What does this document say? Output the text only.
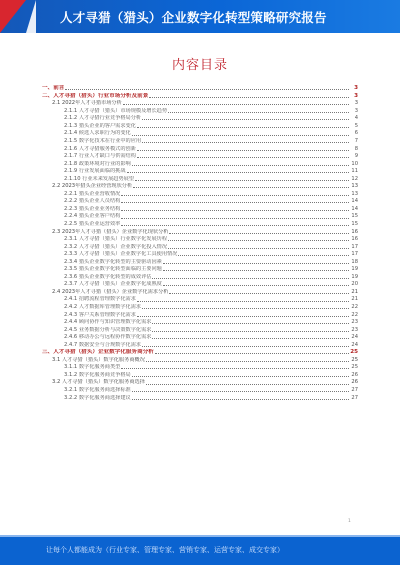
人才寻猎（猎头）企业数字化转型策略研究报告
内容目录
一、前言	3
二、人才寻猎（猎头）行业市场分析及前景	3
2.1 2022年人才寻猎市场分析	3
2.1.1 人才寻猎（猎头）市场规模及增长趋势	3
2.1.2 人才寻猎行业竞争格局分析	4
2.1.3 猎头企业的客户需求变化	5
2.1.4 候选人求职行为的变化	6
2.1.5 数字化技术在行业中的应用	7
2.1.6 人才寻猎服务模式的创新	8
2.1.7 行业人才缺口与供需结构	9
2.1.8 政策环境对行业的影响	10
2.1.9 行业发展面临的挑战	11
2.1.10 行业未来发展趋势展望	12
2.2 2023年猎头企业经营现状分析	13
2.2.1 猎头企业营收情况	13
2.2.2 猎头企业人员结构	14
2.2.3 猎头企业业务结构	14
2.2.4 猎头企业客户结构	15
2.2.5 猎头企业运营效率	15
2.3 2023年人才寻猎（猎头）企业数字化现状分析	16
2.3.1 人才寻猎（猎头）行业数字化发展历程	16
2.3.2 人才寻猎（猎头）企业数字化投入情况	17
2.3.3 人才寻猎（猎头）企业数字化工具使用情况	17
2.3.4 猎头企业数字化转型的主要驱动因素	18
2.3.5 猎头企业数字化转型面临的主要问题	19
2.3.6 猎头企业数字化转型的成效评估	19
2.3.7 人才寻猎（猎头）企业数字化成熟度	20
2.4 2023年人才寻猎（猎头）企业数字化需求分析	21
2.4.1 招聘流程管理数字化需求	21
2.4.2 人才数据库管理数字化需求	22
2.4.3 客户关系管理数字化需求	22
2.4.4 顾问协作与知识管理数字化需求	23
2.4.5 业务数据分析与决策数字化需求	23
2.4.6 移动办公与远程协作数字化需求	24
2.4.7 数据安全与合规数字化需求	24
三、人才寻猎（猎头）企业数字化服务商分析	25
3.1 人才寻猎（猎头）数字化服务商概况	25
3.1.1 数字化服务商类型	25
3.1.2 数字化服务商竞争格局	26
3.2 人才寻猎（猎头）数字化服务商选择	26
3.2.1 数字化服务商选择标准	27
3.2.2 数字化服务商选择建议	27
1
让每个人都能成为（行业专家、管理专家、营销专家、运营专家、成交专家）
